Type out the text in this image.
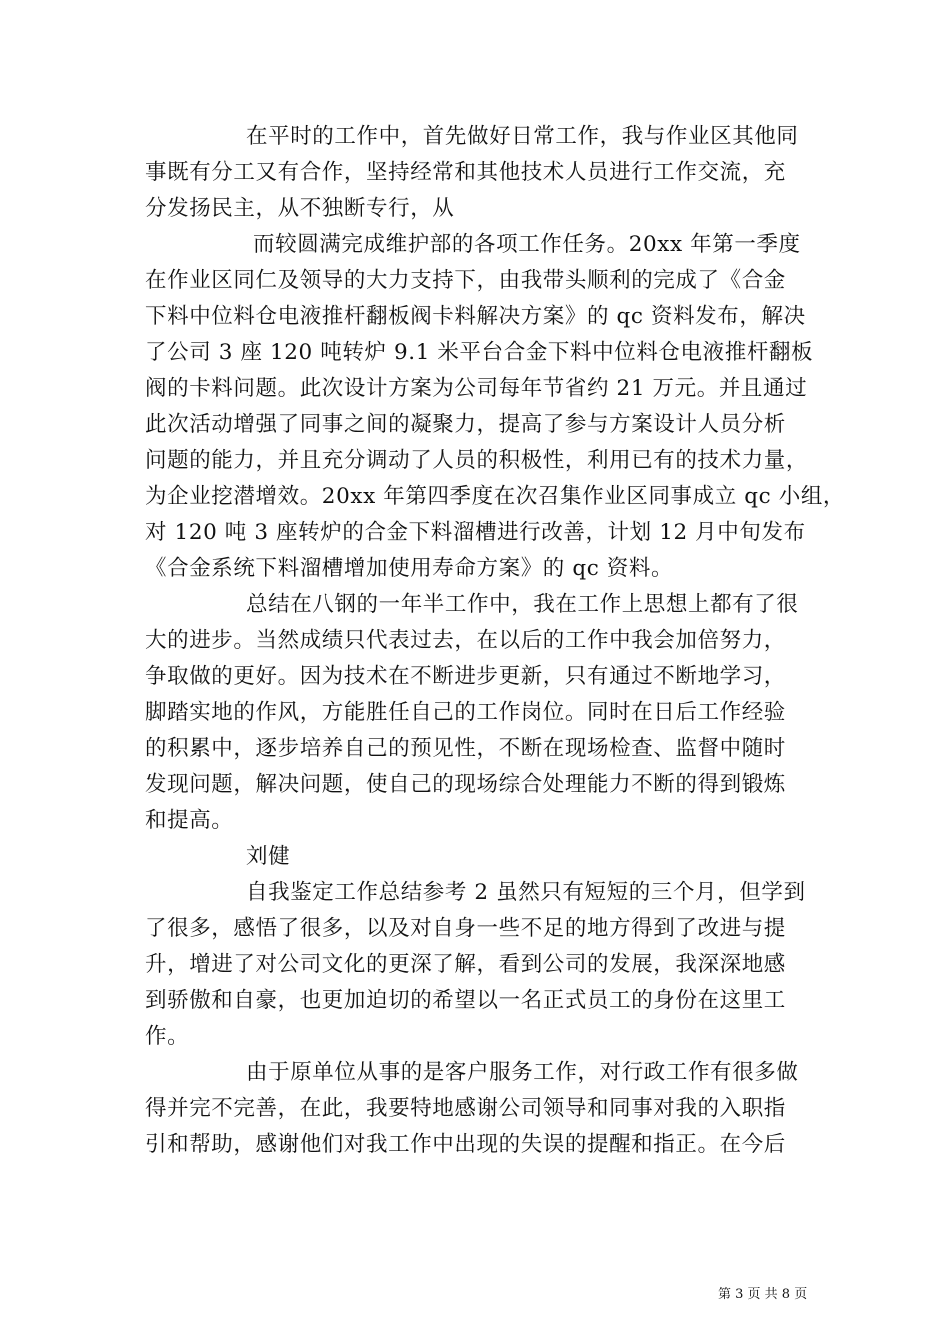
在平时的工作中，首先做好日常工作，我与作业区其他同
事既有分工又有合作，坚持经常和其他技术人员进行工作交流，充
分发扬民主，从不独断专行，从
而较圆满完成维护部的各项工作任务。20xx 年第一季度
在作业区同仁及领导的大力支持下，由我带头顺利的完成了《合金
下料中位料仓电液推杆翻板阀卡料解决方案》的 qc 资料发布，解决
了公司 3 座 120 吨转炉 9.1 米平台合金下料中位料仓电液推杆翻板
阀的卡料问题。此次设计方案为公司每年节省约 21 万元。并且通过
此次活动增强了同事之间的凝聚力，提高了参与方案设计人员分析
问题的能力，并且充分调动了人员的积极性，利用已有的技术力量，
为企业挖潜增效。20xx 年第四季度在次召集作业区同事成立 qc 小组，
对 120 吨 3 座转炉的合金下料溜槽进行改善，计划 12 月中旬发布
《合金系统下料溜槽增加使用寿命方案》的 qc 资料。
总结在八钢的一年半工作中，我在工作上思想上都有了很
大的进步。当然成绩只代表过去，在以后的工作中我会加倍努力，
争取做的更好。因为技术在不断进步更新，只有通过不断地学习，
脚踏实地的作风，方能胜任自己的工作岗位。同时在日后工作经验
的积累中，逐步培养自己的预见性，不断在现场检查、监督中随时
发现问题，解决问题，使自己的现场综合处理能力不断的得到锻炼
和提高。
刘健
自我鉴定工作总结参考 2 虽然只有短短的三个月，但学到
了很多，感悟了很多，以及对自身一些不足的地方得到了改进与提
升，增进了对公司文化的更深了解，看到公司的发展，我深深地感
到骄傲和自豪，也更加迫切的希望以一名正式员工的身份在这里工
作。
由于原单位从事的是客户服务工作，对行政工作有很多做
得并完不完善，在此，我要特地感谢公司领导和同事对我的入职指
引和帮助，感谢他们对我工作中出现的失误的提醒和指正。在今后
第 3 页 共 8 页
